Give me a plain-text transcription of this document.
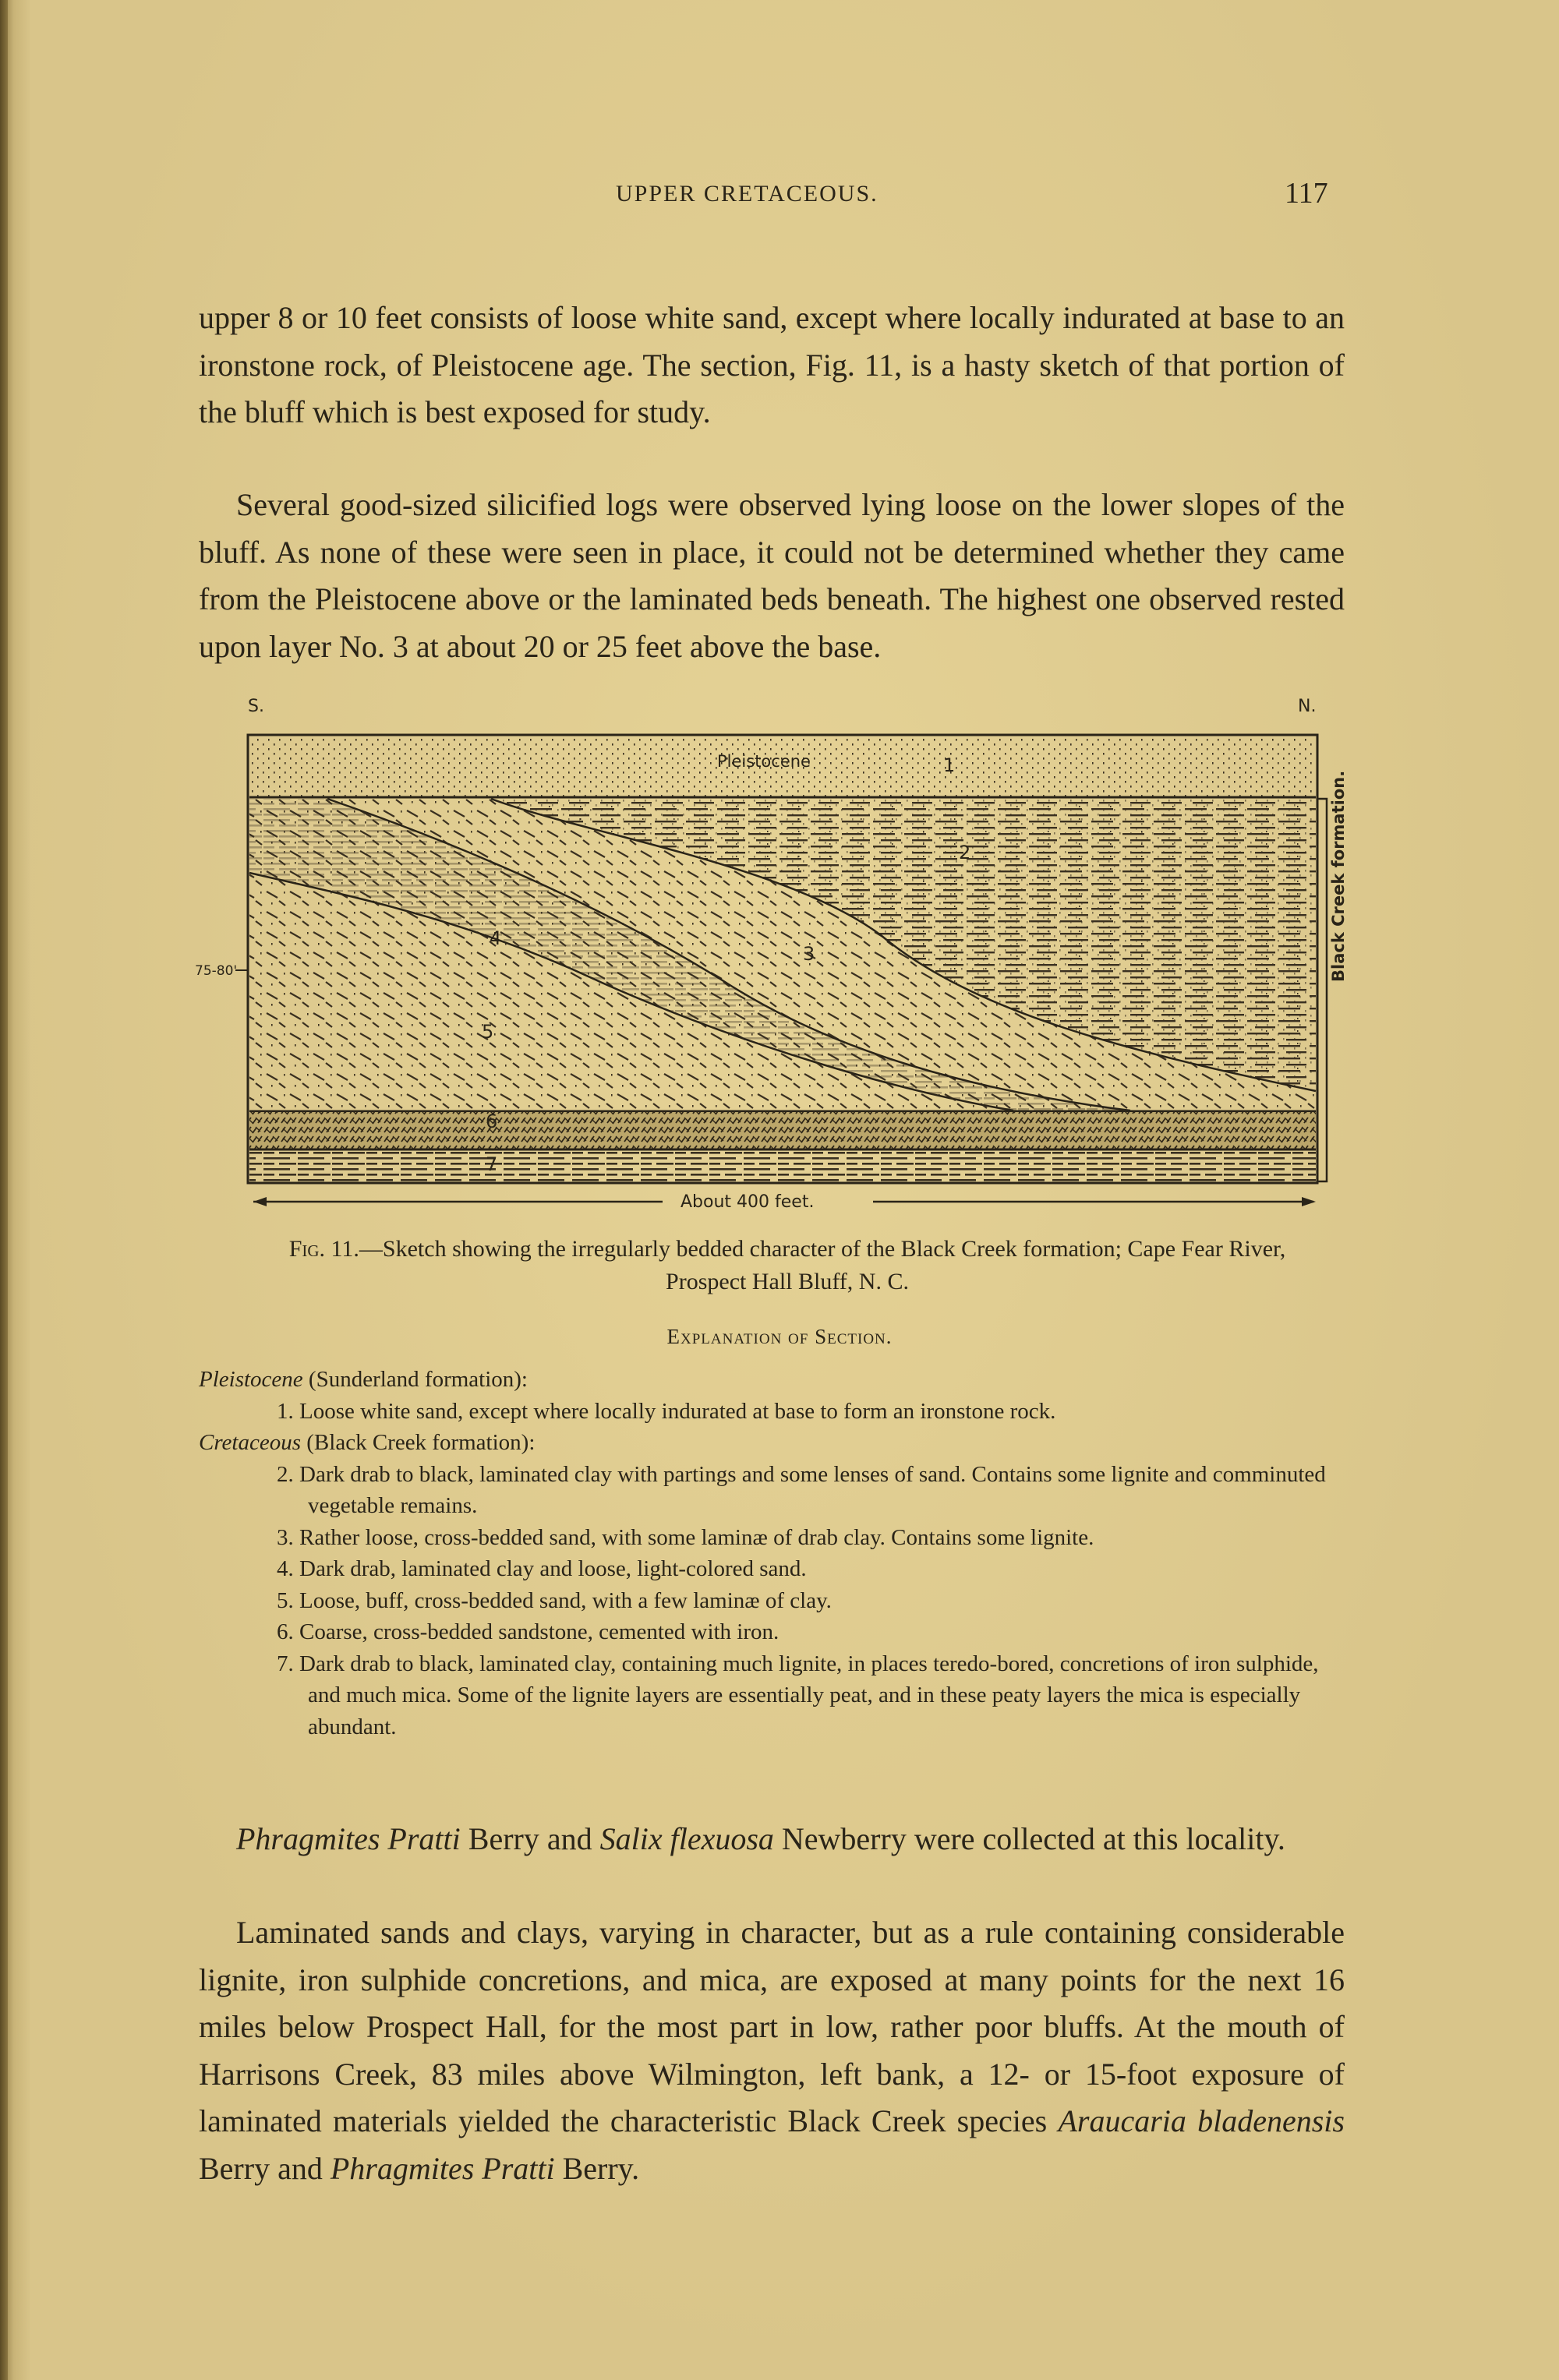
UPPER CRETACEOUS.	117

upper 8 or 10 feet consists of loose white sand, except where locally indurated at base to an ironstone rock, of Pleistocene age. The section, Fig. 11, is a hasty sketch of that portion of the bluff which is best exposed for study.

Several good-sized silicified logs were observed lying loose on the lower slopes of the bluff. As none of these were seen in place, it could not be determined whether they came from the Pleistocene above or the laminated beds beneath. The highest one observed rested upon layer No. 3 at about 20 or 25 feet above the base.

S.	N.
75-80'
Pleistocene	1
2
3
4
5
6
7
Black Creek formation.
About 400 feet.
Fig. 11.—Sketch showing the irregularly bedded character of the Black Creek formation; Cape Fear River, Prospect Hall Bluff, N. C.
Explanation of Section.

Pleistocene (Sunderland formation):

1. Loose white sand, except where locally indurated at base to form an ironstone rock.

Cretaceous (Black Creek formation):

2. Dark drab to black, laminated clay with partings and some lenses of sand. Contains some lignite and comminuted vegetable remains.

3. Rather loose, cross-bedded sand, with some laminæ of drab clay. Contains some lignite.

4. Dark drab, laminated clay and loose, light-colored sand.

5. Loose, buff, cross-bedded sand, with a few laminæ of clay.

6. Coarse, cross-bedded sandstone, cemented with iron.

7. Dark drab to black, laminated clay, containing much lignite, in places teredo-bored, concretions of iron sulphide, and much mica. Some of the lignite layers are essentially peat, and in these peaty layers the mica is especially abundant.

Phragmites Pratti Berry and Salix flexuosa Newberry were collected at this locality.

Laminated sands and clays, varying in character, but as a rule containing considerable lignite, iron sulphide concretions, and mica, are exposed at many points for the next 16 miles below Prospect Hall, for the most part in low, rather poor bluffs. At the mouth of Harrisons Creek, 83 miles above Wilmington, left bank, a 12- or 15-foot exposure of laminated materials yielded the characteristic Black Creek species Araucaria bladenensis Berry and Phragmites Pratti Berry.
